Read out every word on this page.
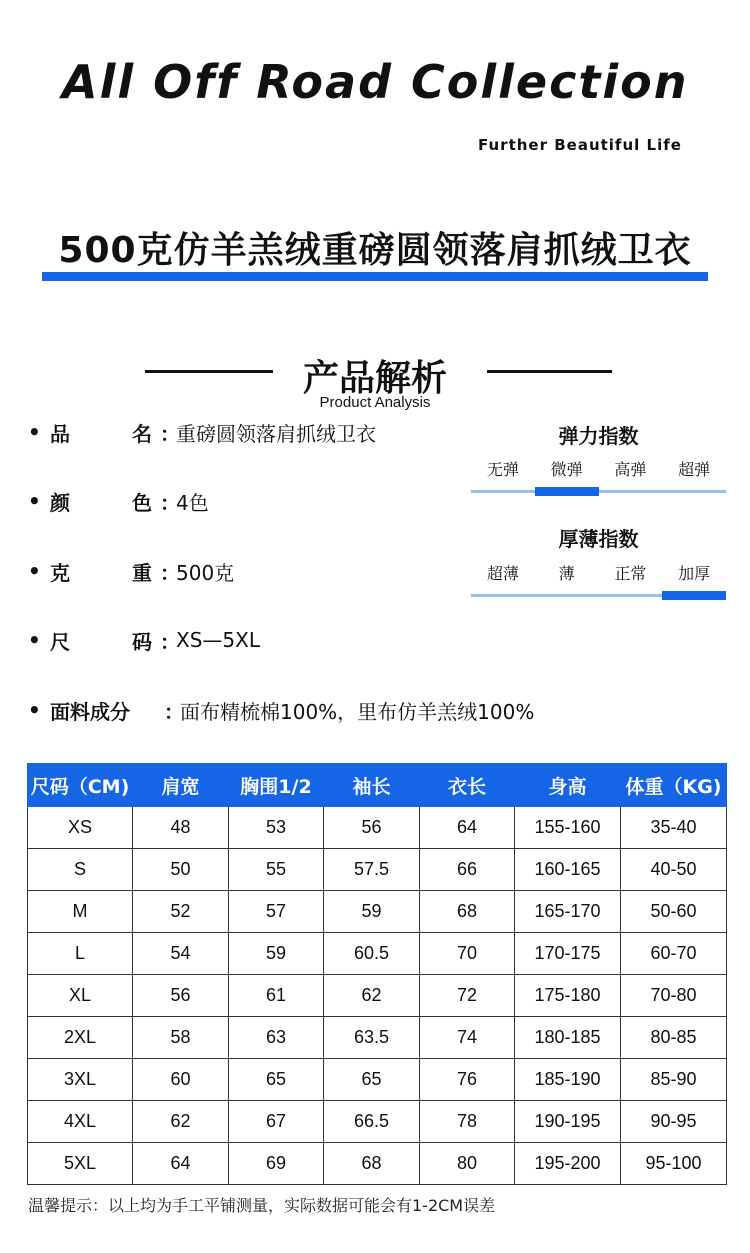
All Off Road Collection
Further Beautiful Life
500克仿羊羔绒重磅圆领落肩抓绒卫衣
产品解析
Product Analysis
• 品	名 ：
重磅圆领落肩抓绒卫衣
• 颜	色 ：
4色
• 克	重 ：
500克
• 尺	码 ：
XS—5XL
• 面料成分	：
面布精梳棉100%，里布仿羊羔绒100%
弹力指数
无弹	微弹	高弹	超弹
厚薄指数
超薄	薄	正常	加厚
尺码（CM)	肩宽	胸围1/2	袖长	衣长	身高	体重（KG)
XS	48	53	56	64	155-160	35-40
S	50	55	57.5	66	160-165	40-50
M	52	57	59	68	165-170	50-60
L	54	59	60.5	70	170-175	60-70
XL	56	61	62	72	175-180	70-80
2XL	58	63	63.5	74	180-185	80-85
3XL	60	65	65	76	185-190	85-90
4XL	62	67	66.5	78	190-195	90-95
5XL	64	69	68	80	195-200	95-100
温馨提示：以上均为手工平铺测量，实际数据可能会有1-2CM误差
